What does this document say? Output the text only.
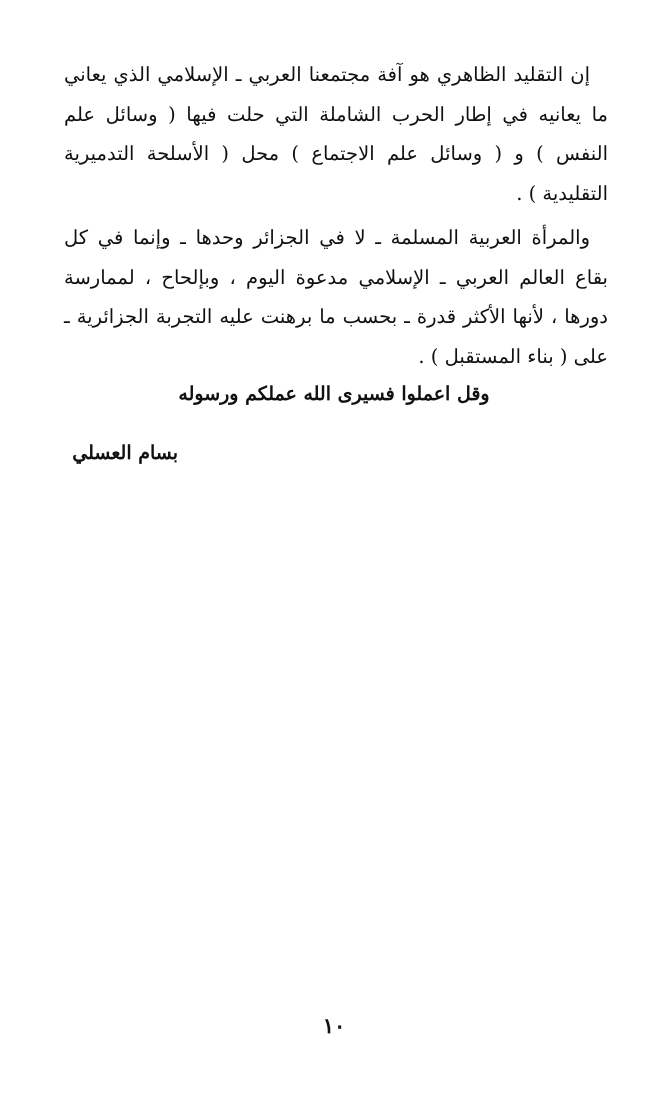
إن التقليد الظاهري هو آفة مجتمعنا العربي ـ الإسلامي الذي يعاني ما يعانيه في إطار الحرب الشاملة التي حلت فيها ( وسائل علم النفس ) و ( وسائل علم الاجتماع ) محل ( الأسلحة التدميرية التقليدية ) .

والمرأة العربية المسلمة ـ لا في الجزائر وحدها ـ وإنما في كل بقاع العالم العربي ـ الإسلامي مدعوة اليوم ، وبإلحاح ، لممارسة دورها ، لأنها الأكثر قدرة ـ بحسب ما برهنت عليه التجربة الجزائرية ـ على ( بناء المستقبل ) .

وقل اعملوا فسيرى الله عملكم ورسوله
بسام العسلي
١٠
